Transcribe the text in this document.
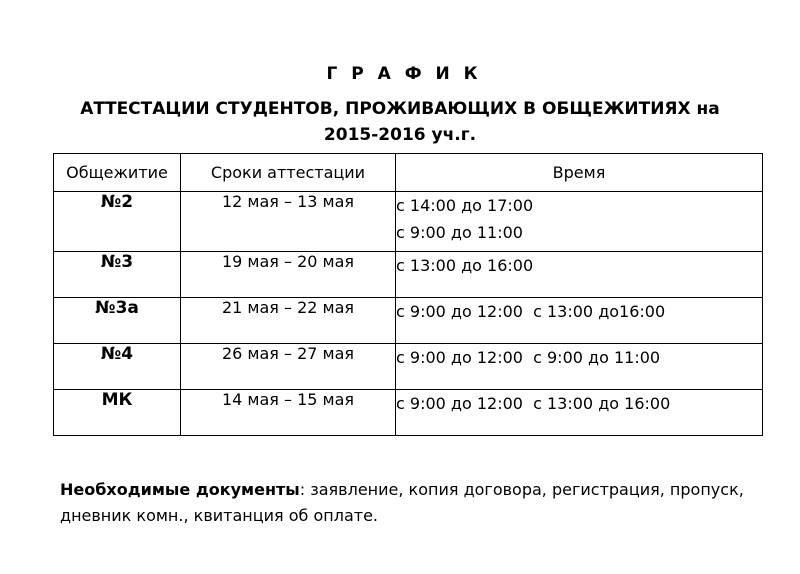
Г Р А Ф И К
АТТЕСТАЦИИ СТУДЕНТОВ, ПРОЖИВАЮЩИХ В ОБЩЕЖИТИЯХ на
2015-2016 уч.г.
Общежитие	Сроки аттестации	Время
№2	12 мая – 13 мая	с 14:00 до 17:00
с 9:00 до 11:00
№3	19 мая – 20 мая	с 13:00 до 16:00
№3а	21 мая – 22 мая	с 9:00 до 12:00  с 13:00 до16:00
№4	26 мая – 27 мая	с 9:00 до 12:00  с 9:00 до 11:00
МК	14 мая – 15 мая	с 9:00 до 12:00  с 13:00 до 16:00
Необходимые документы: заявление, копия договора, регистрация, пропуск, дневник комн., квитанция об оплате.
